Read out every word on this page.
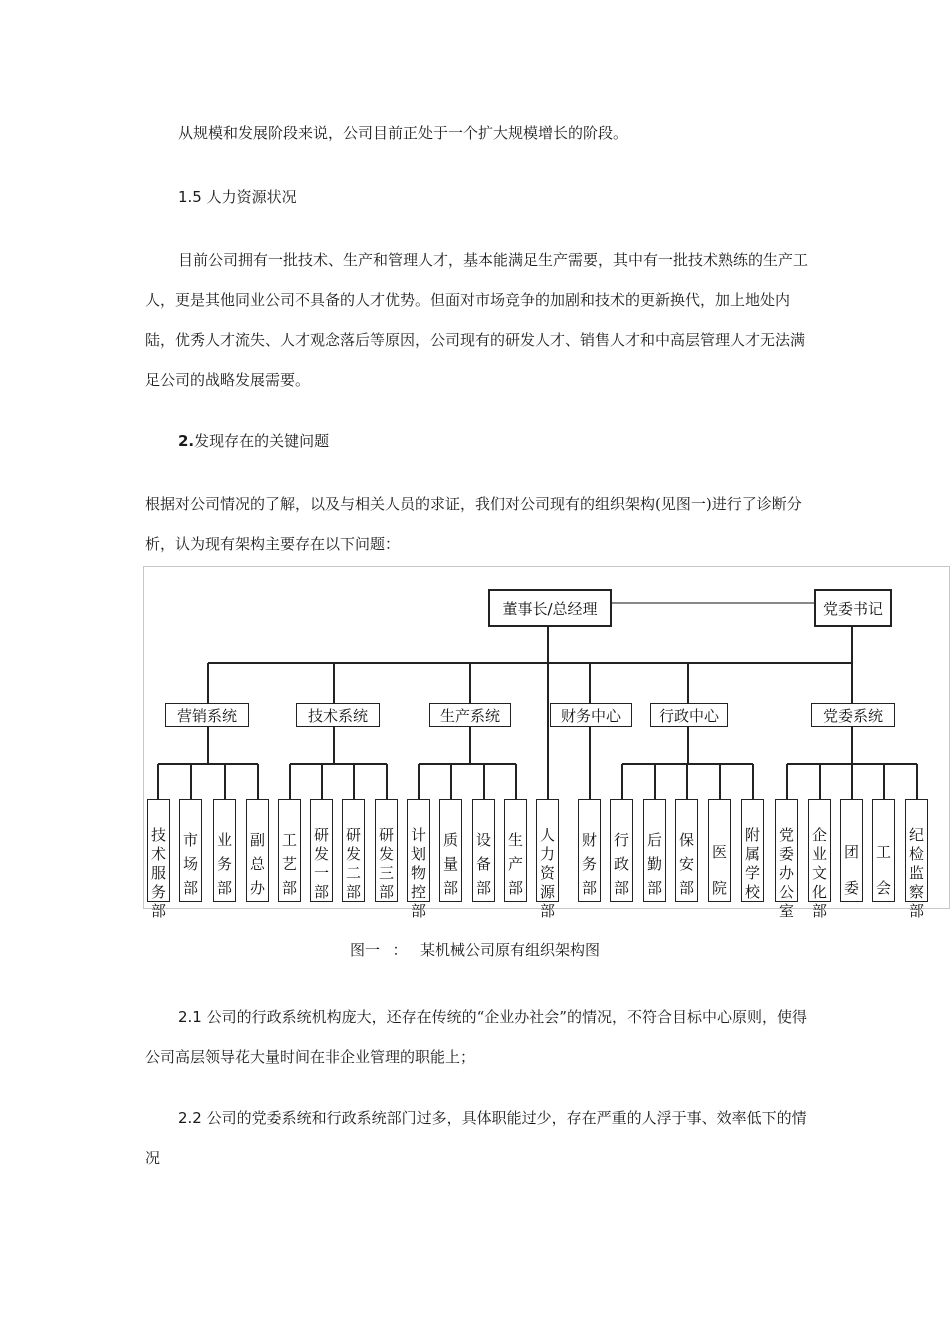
从规模和发展阶段来说，公司目前正处于一个扩大规模增长的阶段。

1.5 人力资源状况

目前公司拥有一批技术、生产和管理人才，基本能满足生产需要，其中有一批技术熟练的生产工人，更是其他同业公司不具备的人才优势。但面对市场竞争的加剧和技术的更新换代，加上地处内陆，优秀人才流失、人才观念落后等原因，公司现有的研发人才、销售人才和中高层管理人才无法满足公司的战略发展需要。

2.发现存在的关键问题

根据对公司情况的了解，以及与相关人员的求证，我们对公司现有的组织架构(见图一)进行了诊断分析，认为现有架构主要存在以下问题：

董事长/总经理	党委书记
营销系统	技术系统	生产系统	财务中心	行政中心	党委系统
技
术
服
务
部
市
场
部
业
务
部
副
总
办
工
艺
部
研
发
一
部
研
发
二
部
研
发
三
部
计
划
物
控
部
质
量
部
设
备
部
生
产
部
人
力
资
源
部
财
务
部
行
政
部
后
勤
部
保
安
部
医
院
附
属
学
校
党
委
办
公
室
企
业
文
化
部
团
委
工
会
纪
检
监
察
部
图一 ： 某机械公司原有组织架构图

2.1 公司的行政系统机构庞大，还存在传统的“企业办社会”的情况，不符合目标中心原则，使得公司高层领导花大量时间在非企业管理的职能上；

2.2 公司的党委系统和行政系统部门过多，具体职能过少，存在严重的人浮于事、效率低下的情况
